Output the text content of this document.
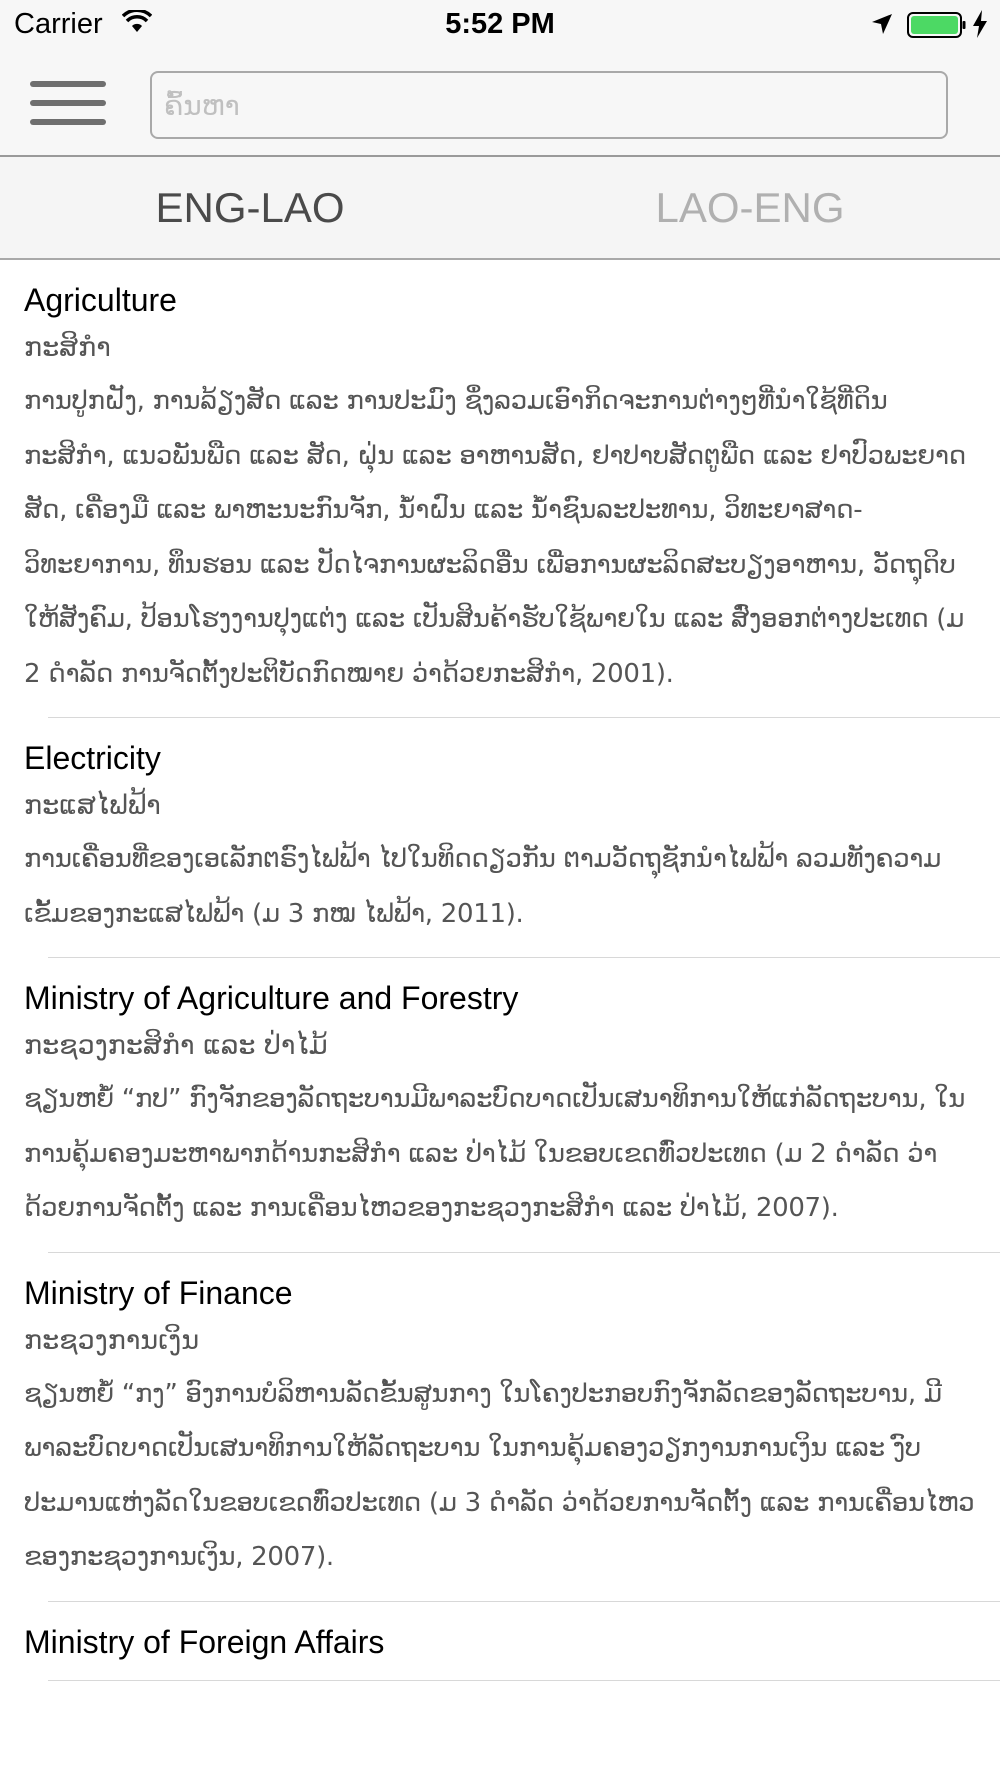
Carrier	5:52 PM
ຄົ້ນຫາ
ENG-LAO	LAO-ENG

Agriculture

ກະສິກຳ

ການປູກຝັງ, ການລ້ຽງສັດ ແລະ ການປະມົງ ຊຶ່ງລວມເອົາກິດຈະການຕ່າງໆທີ່ນຳໃຊ້ທີ່ດິນກະສິກຳ, ແນວພັນພືດ ແລະ ສັດ, ຝຸ່ນ ແລະ ອາຫານສັດ, ຢາປາບສັດຕູພືດ ແລະ ຢາປົວພະຍາດສັດ, ເຄື່ອງມື ແລະ ພາຫະນະກົນຈັກ, ນ້ຳຝົນ ແລະ ນ້ຳຊົນລະປະທານ, ວິທະຍາສາດ-ວິທະຍາການ, ທຶນຮອນ ແລະ ປັດໄຈການຜະລິດອື່ນ ເພື່ອການຜະລິດສະບຽງອາຫານ, ວັດຖຸດິບໃຫ້ສັງຄົມ, ປ້ອນໂຮງງານປຸງແຕ່ງ ແລະ ເປັນສິນຄ້າຮັບໃຊ້ພາຍໃນ ແລະ ສົ່ງອອກຕ່າງປະເທດ (ມ 2 ດຳລັດ ການຈັດຕັ້ງປະຕິບັດກົດໝາຍ ວ່າດ້ວຍກະສິກຳ, 2001).

Electricity

ກະແສໄຟຟ້າ

ການເຄື່ອນທີ່ຂອງເອເລັກຕຣົງໄຟຟ້າ ໄປໃນທິດດຽວກັນ ຕາມວັດຖຸຊັກນຳໄຟຟ້າ ລວມທັງຄວາມເຂັ້ມຂອງກະແສໄຟຟ້າ (ມ 3 ກໝ ໄຟຟ້າ, 2011).

Ministry of Agriculture and Forestry

ກະຊວງກະສິກຳ ແລະ ປ່າໄມ້

ຊຽນຫຍໍ້ “ກປ” ກົງຈັກຂອງລັດຖະບານມີພາລະບົດບາດເປັນເສນາທິການໃຫ້ແກ່ລັດຖະບານ, ໃນການຄຸ້ມຄອງມະຫາພາກດ້ານກະສິກຳ ແລະ ປ່າໄມ້ ໃນຂອບເຂດທົ່ວປະເທດ (ມ 2 ດຳລັດ ວ່າດ້ວຍການຈັດຕັ້ງ ແລະ ການເຄື່ອນໄຫວຂອງກະຊວງກະສິກຳ ແລະ ປ່າໄມ້, 2007).

Ministry of Finance

ກະຊວງການເງິນ

ຊຽນຫຍໍ້ “ກງ” ອົງການບໍລິຫານລັດຂັ້ນສູນກາງ ໃນໂຄງປະກອບກົງຈັກລັດຂອງລັດຖະບານ, ມີພາລະບົດບາດເປັນເສນາທິການໃຫ້ລັດຖະບານ ໃນການຄຸ້ມຄອງວຽກງານການເງິນ ແລະ ງົບປະມານແຫ່ງລັດໃນຂອບເຂດທົ່ວປະເທດ (ມ 3 ດຳລັດ ວ່າດ້ວຍການຈັດຕັ້ງ ແລະ ການເຄື່ອນໄຫວຂອງກະຊວງການເງິນ, 2007).

Ministry of Foreign Affairs
